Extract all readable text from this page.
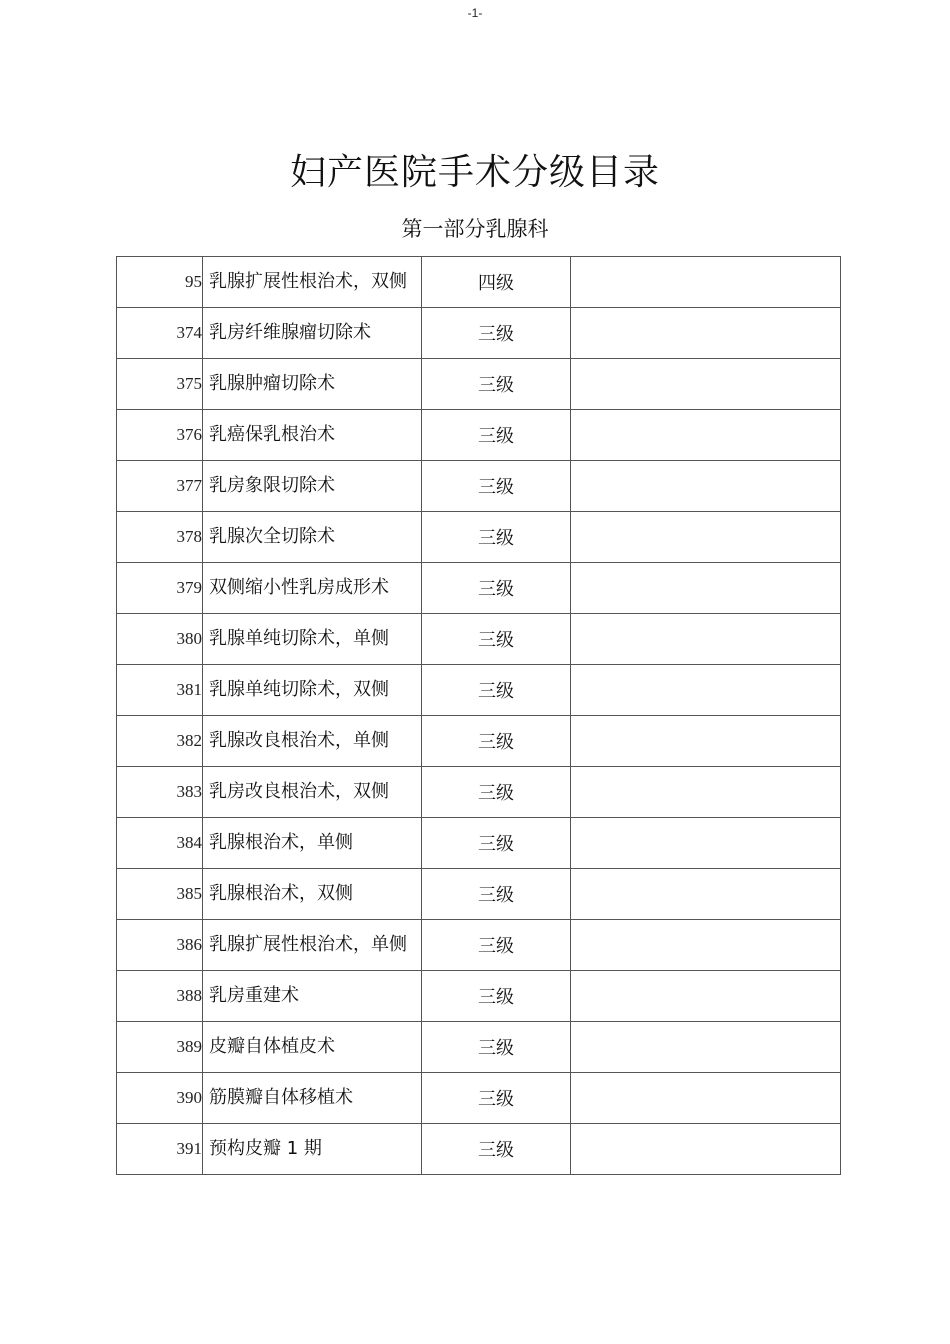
-1-
妇产医院手术分级目录
第一部分乳腺科
95	乳腺扩展性根治术，双侧	四级	
374	乳房纤维腺瘤切除术	三级	
375	乳腺肿瘤切除术	三级	
376	乳癌保乳根治术	三级	
377	乳房象限切除术	三级	
378	乳腺次全切除术	三级	
379	双侧缩小性乳房成形术	三级	
380	乳腺单纯切除术，单侧	三级	
381	乳腺单纯切除术，双侧	三级	
382	乳腺改良根治术，单侧	三级	
383	乳房改良根治术，双侧	三级	
384	乳腺根治术，单侧	三级	
385	乳腺根治术，双侧	三级	
386	乳腺扩展性根治术，单侧	三级	
388	乳房重建术	三级	
389	皮瓣自体植皮术	三级	
390	筋膜瓣自体移植术	三级	
391	预构皮瓣 1 期	三级	
